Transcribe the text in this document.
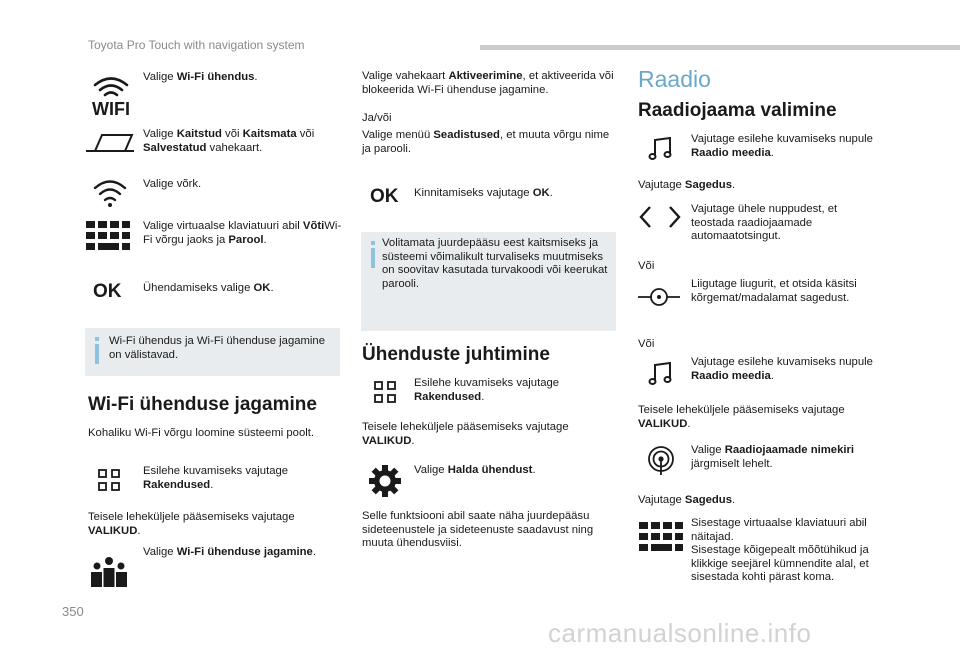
Toyota Pro Touch with navigation system
WIFI
Valige Wi-Fi ühendus.
Valige Kaitstud või Kaitsmata või Salvestatud vahekaart.
Valige võrk.
Valige virtuaalse klaviatuuri abil VõtiWi-Fi võrgu jaoks ja Parool.
OK Ühendamiseks valige OK.
Wi-Fi ühendus ja Wi-Fi ühenduse jagamine on välistavad.
Wi-Fi ühenduse jagamine
Kohaliku Wi-Fi võrgu loomine süsteemi poolt.
Esilehe kuvamiseks vajutage Rakendused.
Teisele leheküljele pääsemiseks vajutage VALIKUD.
Valige Wi-Fi ühenduse jagamine.
Valige vahekaart Aktiveerimine, et aktiveerida või blokeerida Wi-Fi ühenduse jagamine.
Ja/või
Valige menüü Seadistused, et muuta võrgu nime ja parooli.
OK Kinnitamiseks vajutage OK.
Volitamata juurdepääsu eest kaitsmiseks ja süsteemi võimalikult turvaliseks muutmiseks on soovitav kasutada turvakoodi või keerukat parooli.
Ühenduste juhtimine
Esilehe kuvamiseks vajutage Rakendused.
Teisele leheküljele pääsemiseks vajutage VALIKUD.
Valige Halda ühendust.
Selle funktsiooni abil saate näha juurdepääsu sideteenustele ja sideteenuste saadavust ning muuta ühendusviisi.
Raadio
Raadiojaama valimine
Vajutage esilehe kuvamiseks nupule Raadio meedia.
Vajutage Sagedus.
Vajutage ühele nuppudest, et teostada raadiojaamade automaatotsingut.
Või
Liigutage liugurit, et otsida käsitsi kõrgemat/madalamat sagedust.
Või
Vajutage esilehe kuvamiseks nupule Raadio meedia.
Teisele leheküljele pääsemiseks vajutage VALIKUD.
Valige Raadiojaamade nimekiri järgmiselt lehelt.
Vajutage Sagedus.
Sisestage virtuaalse klaviatuuri abil näitajad.
Sisestage kõigepealt mõõtühikud ja klikkige seejärel kümnendite alal, et sisestada kohti pärast koma.
350
carmanualsonline.info
